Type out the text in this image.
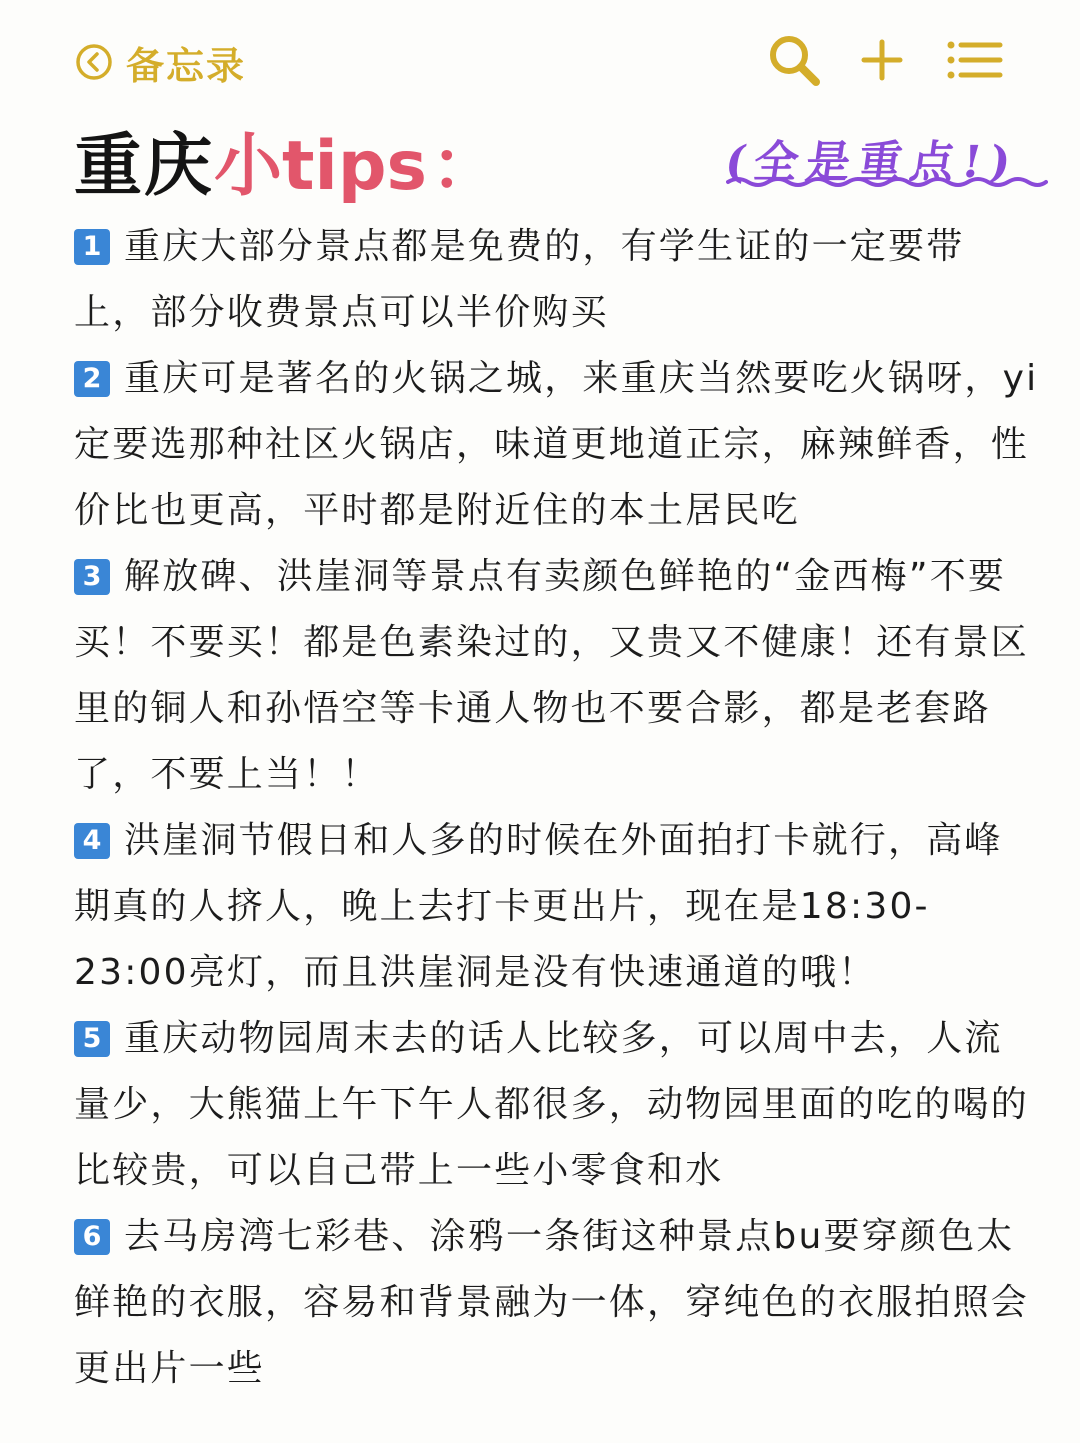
备忘录
重庆 小tips ：	(全是重点!)

1 重庆大部分景点都是免费的，有学生证的一定要带上，部分收费景点可以半价购买

2 重庆可是著名的火锅之城，来重庆当然要吃火锅呀，yi定要选那种社区火锅店，味道更地道正宗，麻辣鲜香，性价比也更高，平时都是附近住的本土居民吃

3 解放碑、洪崖洞等景点有卖颜色鲜艳的“金西梅”不要买！不要买！都是色素染过的，又贵又不健康！还有景区里的铜人和孙悟空等卡通人物也不要合影，都是老套路了，不要上当！！

4 洪崖洞节假日和人多的时候在外面拍打卡就行，高峰期真的人挤人，晚上去打卡更出片，现在是18:30-23:00亮灯，而且洪崖洞是没有快速通道的哦！

5 重庆动物园周末去的话人比较多，可以周中去，人流量少，大熊猫上午下午人都很多，动物园里面的吃的喝的比较贵，可以自己带上一些小零食和水

6 去马房湾七彩巷、涂鸦一条街这种景点bu要穿颜色太鲜艳的衣服，容易和背景融为一体，穿纯色的衣服拍照会更出片一些
